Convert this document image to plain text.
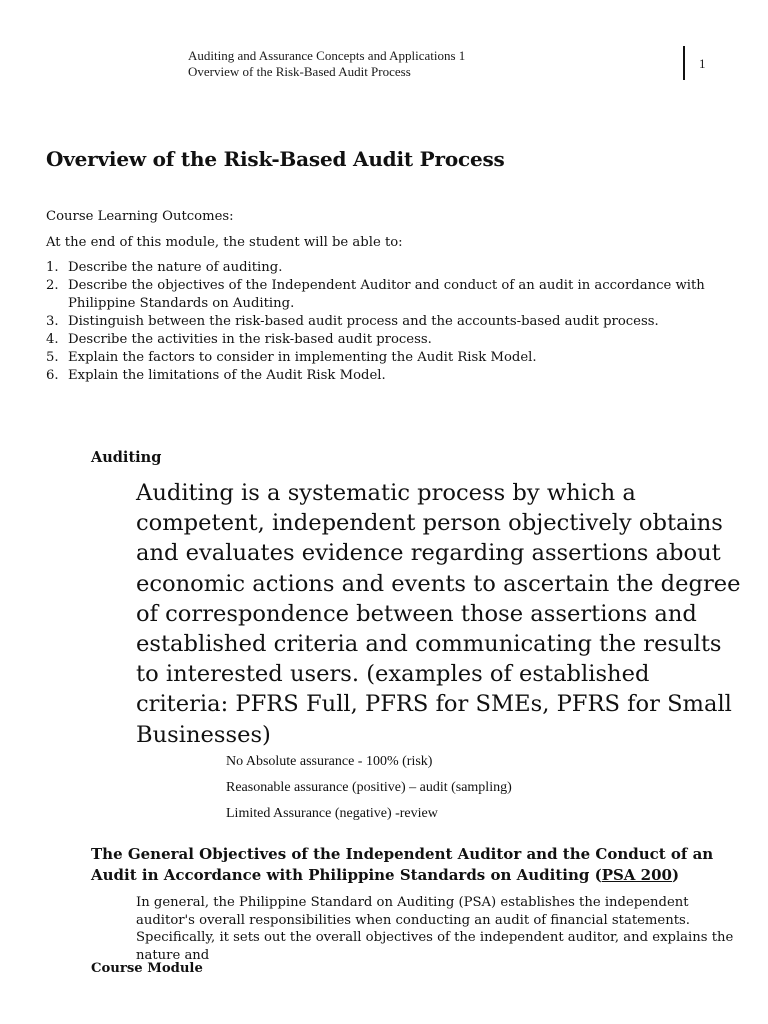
Auditing and Assurance Concepts and Applications 1
Overview of the Risk-Based Audit Process
1
Overview of the Risk-Based Audit Process
Course Learning Outcomes:
At the end of this module, the student will be able to:
1. Describe the nature of auditing.
2. Describe the objectives of the Independent Auditor and conduct of an audit in accordance with Philippine Standards on Auditing.
3. Distinguish between the risk-based audit process and the accounts-based audit process.
4. Describe the activities in the risk-based audit process.
5. Explain the factors to consider in implementing the Audit Risk Model.
6. Explain the limitations of the Audit Risk Model.
Auditing
Auditing is a systematic process by which a competent, independent person objectively obtains and evaluates evidence regarding assertions about economic actions and events to ascertain the degree of correspondence between those assertions and established criteria and communicating the results to interested users. (examples of established criteria: PFRS Full, PFRS for SMEs, PFRS for Small Businesses)
No Absolute assurance - 100% (risk)
Reasonable assurance (positive) – audit (sampling)
Limited Assurance (negative) -review
The General Objectives of the Independent Auditor and the Conduct of an Audit in Accordance with Philippine Standards on Auditing (PSA 200)
In general, the Philippine Standard on Auditing (PSA) establishes the independent auditor's overall responsibilities when conducting an audit of financial statements. Specifically, it sets out the overall objectives of the independent auditor, and explains the nature and
Course Module
